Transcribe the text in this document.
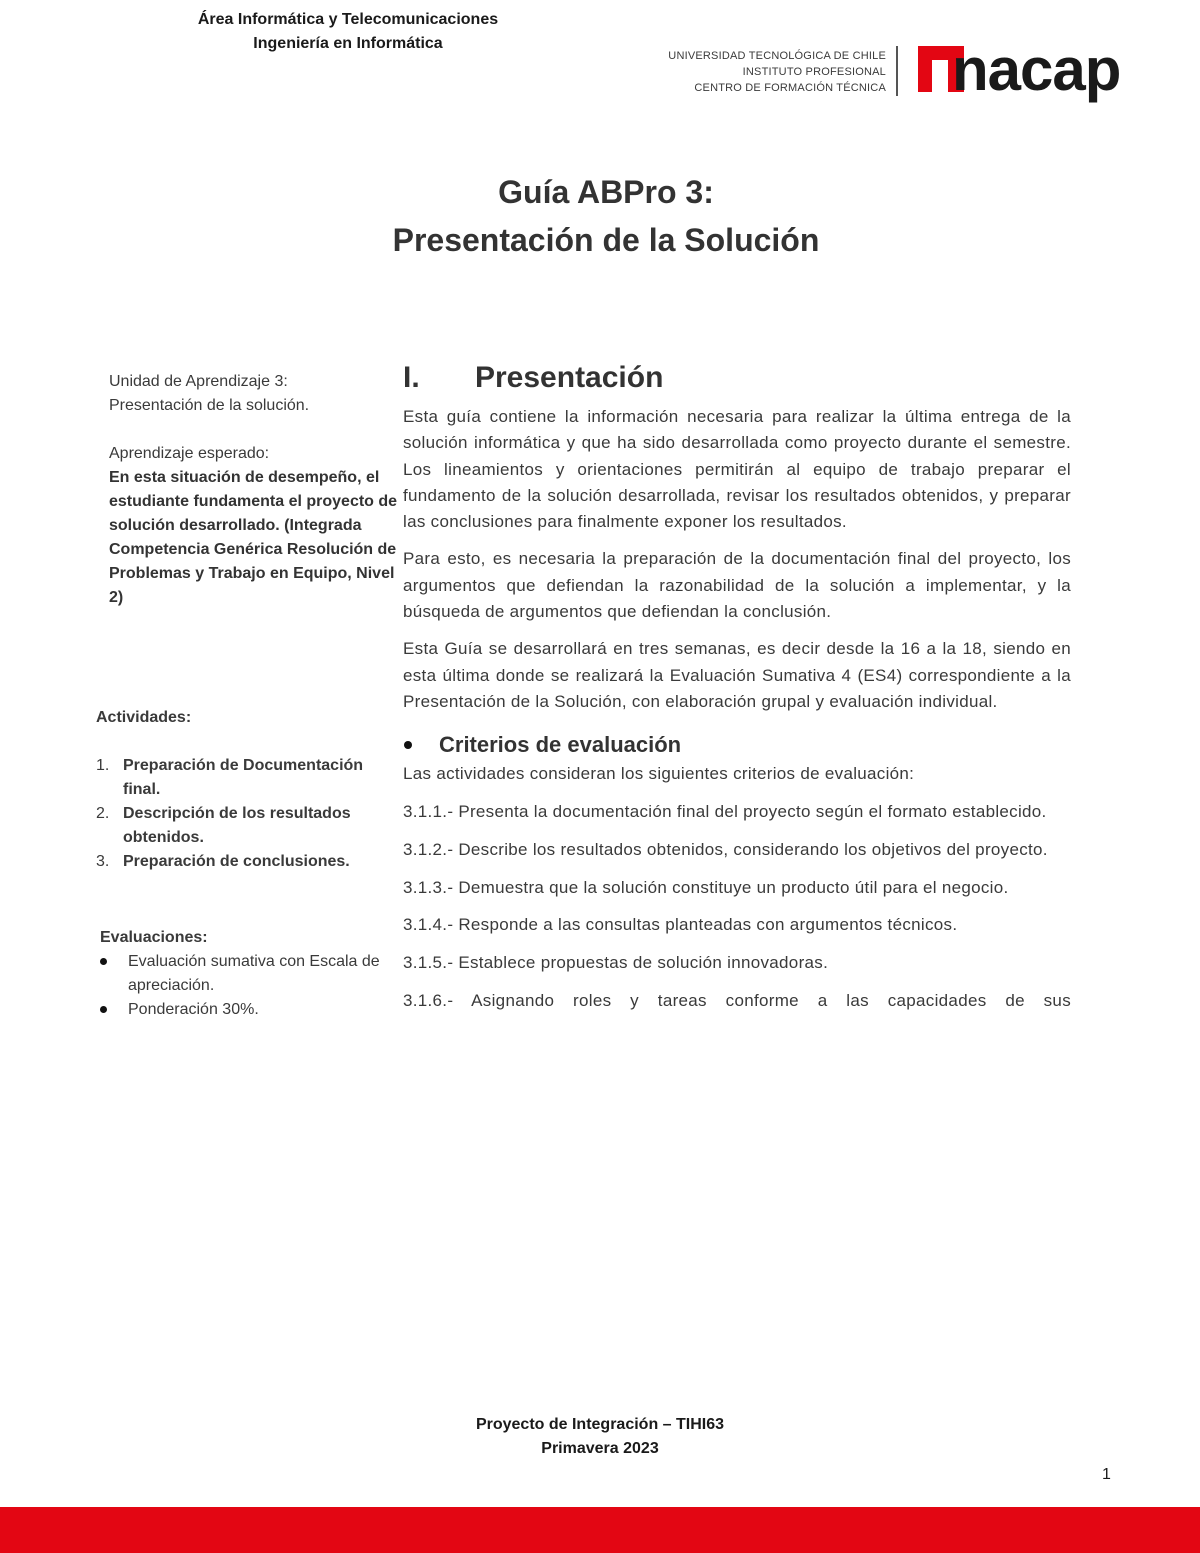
Área Informática y Telecomunicaciones
Ingeniería en Informática
UNIVERSIDAD TECNOLÓGICA DE CHILE
INSTITUTO PROFESIONAL
CENTRO DE FORMACIÓN TÉCNICA nacap
Guía ABPro 3:
Presentación de la Solución
Unidad de Aprendizaje 3:
Presentación de la solución.
Aprendizaje esperado:
En esta situación de desempeño, el estudiante fundamenta el proyecto de solución desarrollado. (Integrada Competencia Genérica Resolución de Problemas y Trabajo en Equipo, Nivel 2)
Actividades:
1. Preparación de Documentación final.
2. Descripción de los resultados obtenidos.
3. Preparación de conclusiones.
Evaluaciones:
Evaluación sumativa con Escala de apreciación.
Ponderación 30%.
I.	Presentación

Esta guía contiene la información necesaria para realizar la última entrega de la solución informática y que ha sido desarrollada como proyecto durante el semestre. Los lineamientos y orientaciones permitirán al equipo de trabajo preparar el fundamento de la solución desarrollada, revisar los resultados obtenidos, y preparar las conclusiones para finalmente exponer los resultados.

Para esto, es necesaria la preparación de la documentación final del proyecto, los argumentos que defiendan la razonabilidad de la solución a implementar, y la búsqueda de argumentos que defiendan la conclusión.

Esta Guía se desarrollará en tres semanas, es decir desde la 16 a la 18, siendo en esta última donde se realizará la Evaluación Sumativa 4 (ES4) correspondiente a la Presentación de la Solución, con elaboración grupal y evaluación individual.

Criterios de evaluación

Las actividades consideran los siguientes criterios de evaluación:

3.1.1.- Presenta la documentación final del proyecto según el formato establecido.

3.1.2.- Describe los resultados obtenidos, considerando los objetivos del proyecto.

3.1.3.- Demuestra que la solución constituye un producto útil para el negocio.

3.1.4.- Responde a las consultas planteadas con argumentos técnicos.

3.1.5.- Establece propuestas de solución innovadoras.

3.1.6.- Asignando roles y tareas conforme a las capacidades de sus

Proyecto de Integración – TIHI63
Primavera 2023
1
